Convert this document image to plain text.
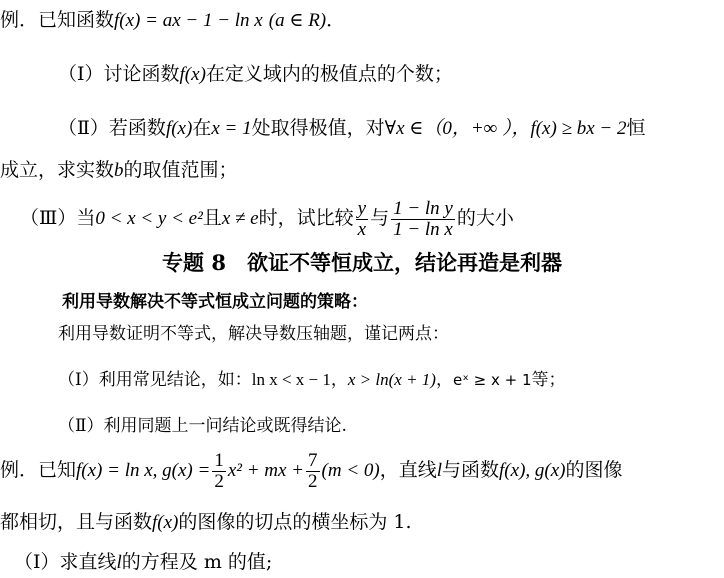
例．已知函数f(x) = ax − 1 − ln x (a ∈ R)．
（Ⅰ）讨论函数f(x)在定义域内的极值点的个数；
（Ⅱ）若函数f(x)在x = 1处取得极值，对∀x ∈（0，+∞ ），f(x) ≥ bx − 2恒
成立，求实数b的取值范围；
（Ⅲ）当0 < x < y < e²且x ≠ e时，试比较 $\frac{y}{x}$ 与 $\frac{\text{1 − ln y}}{\text{1 − ln x}}$ 的大小
专题 8　欲证不等恒成立，结论再造是利器
利用导数解决不等式恒成立问题的策略：
利用导数证明不等式，解决导数压轴题，谨记两点：
（Ⅰ）利用常见结论，如：ln x < x − 1，x > ln(x + 1)，eˣ ≥ x + 1等；
（Ⅱ）利用同题上一问结论或既得结论.
例．已知f(x) = ln x, $g(x) = \frac{1}{2} x^2$ + mx + $\frac{7}{2} (m < 0)$，直线l与函数f(x), g(x)的图像
都相切，且与函数f(x)的图像的切点的横坐标为 1.
（I）求直线l的方程及 m 的值;
